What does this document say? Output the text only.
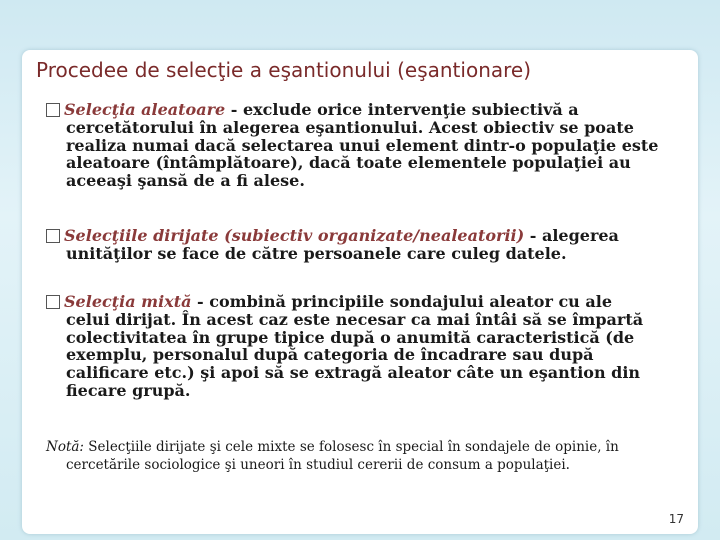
Procedee de selecţie a eşantionului (eşantionare)
Selecţia aleatoare - exclude orice intervenţie subiectivă a
cercetătorului în alegerea eşantionului. Acest obiectiv se poate
realiza numai dacă selectarea unui element dintr-o populaţie este
aleatoare (întâmplătoare), dacă toate elementele populaţiei au
aceeaşi şansă de a fi alese.
Selecţiile dirijate (subiectiv organizate/nealeatorii) - alegerea
unităţilor se face de către persoanele care culeg datele.
Selecţia mixtă - combină principiile sondajului aleator cu ale
celui dirijat. În acest caz este necesar ca mai întâi să se împartă
colectivitatea în grupe tipice după o anumită caracteristică (de
exemplu, personalul după categoria de încadrare sau după
calificare etc.) şi apoi să se extragă aleator câte un eşantion din
fiecare grupă.
Notă: Selecţiile dirijate şi cele mixte se folosesc în special în sondajele de opinie, în
cercetările sociologice şi uneori în studiul cererii de consum a populaţiei.
17
